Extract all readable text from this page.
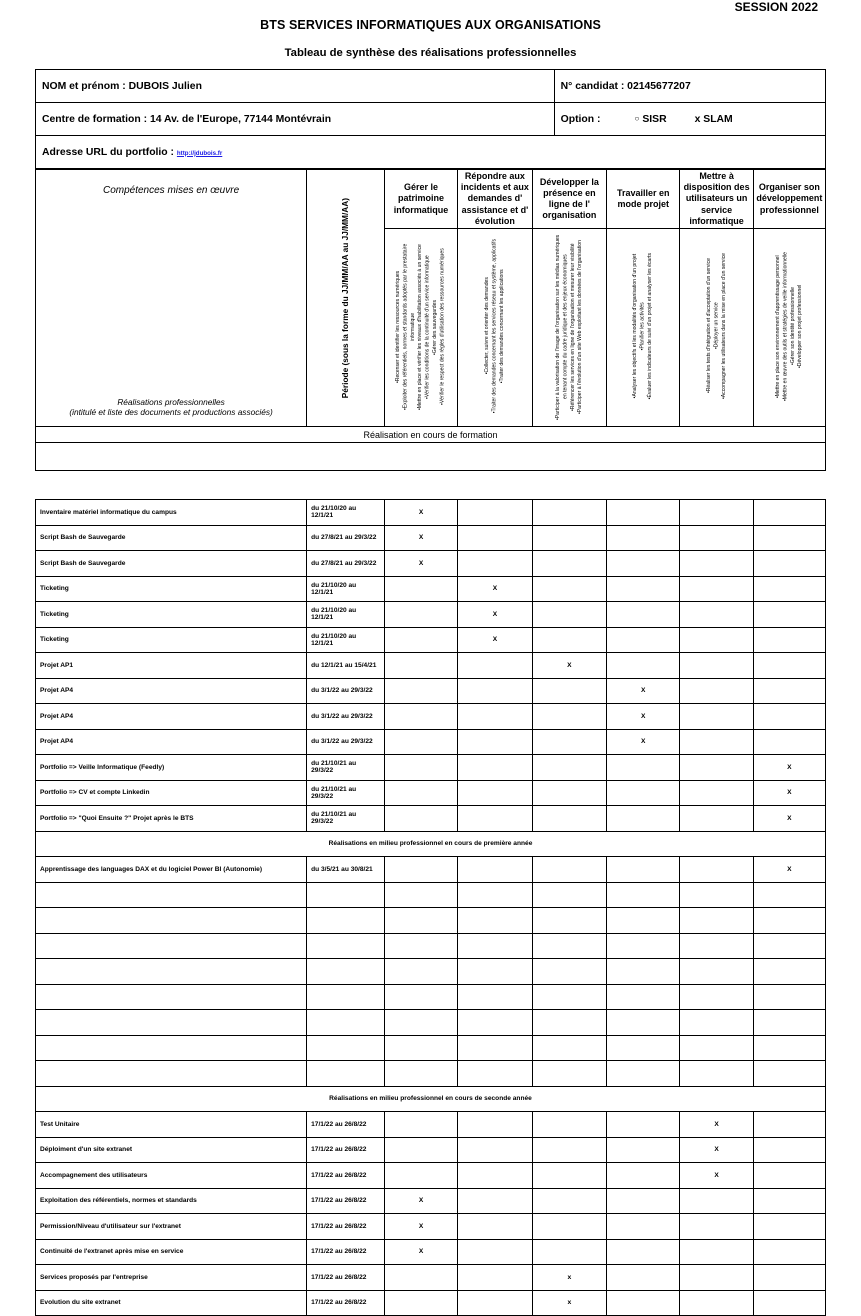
BTS SERVICES INFORMATIQUES AUX ORGANISATIONS
SESSION 2022
Tableau de synthèse des réalisations professionnelles
NOM et prénom : DUBOIS Julien	N° candidat : 02145677207
Centre de formation : 14 Av. de l'Europe, 77144 Montévrain	Option : ○ SISR x SLAM

Adresse URL du portfolio : http://jdubois.fr	
Compétences mises en œuvre
Réalisations professionnelles
(intitulé et liste des documents et productions associés)	Période (sous la forme du JJ/MM/AA au JJ/MM/AA)	Gérer le patrimoine informatique	Répondre aux incidents et aux demandes d' assistance et d' évolution	Développer la présence en ligne de l' organisation	Travailler en mode projet	Mettre à disposition des utilisateurs un service informatique	Organiser son développement professionnel

•Recenser et identifier les ressources numériques •Exploiter des référentiels, normes et standards adoptés par le prestataire informatique •Mettre en place et vérifier les niveaux d'habilitation associés à un service •Vérifier les conditions de la continuité d'un service informatique •Gérer des sauvegardes •Vérifier le respect des règles d'utilisation des ressources numériques	•Collecter, suivre et orienter des demandes •Traiter des demandes concernant les services réseau et système, applicatifs •Traiter des demandes concernant les applications	•Participer à la valorisation de l'image de l'organisation sur les médias numériques en tenant compte du cadre juridique et des enjeux économiques •Référencer les services en ligne de l'organisation et mesurer leur visibilité •Participer à l'évolution d'un site Web exploitant les données de l'organisation	•Analyser les objectifs et les modalités d'organisation d'un projet •Planifier les activités •Évaluer les indicateurs de suivi d'un projet et analyser les écarts	•Réaliser les tests d'intégration et d'acceptation d'un service •Déployer un service •Accompagner les utilisateurs dans la mise en place d'un service	•Mettre en place son environnement d'apprentissage personnel •Mettre en œuvre des outils et stratégies de veille informationnelle •Gérer son identité professionnelle •Développer son projet professionnel

Réalisation en cours de formation							

Inventaire matériel informatique du campus	du 21/10/20 au 12/1/21	X					
Script Bash de Sauvegarde	du 27/8/21 au 29/3/22	X					
Script Bash de Sauvegarde	du 27/8/21 au 29/3/22	X					
Ticketing	du 21/10/20 au 12/1/21		X				
Ticketing	du 21/10/20 au 12/1/21		X				
Ticketing	du 21/10/20 au 12/1/21		X				
Projet AP1	du 12/1/21 au 15/4/21			X			
Projet AP4	du 3/1/22 au 29/3/22				X		
Projet AP4	du 3/1/22 au 29/3/22				X		
Projet AP4	du 3/1/22 au 29/3/22				X		
Portfolio => Veille Informatique (Feedly)	du 21/10/21 au 29/3/22						X
Portfolio => CV et compte Linkedin	du 21/10/21 au 29/3/22						X
Portfolio => "Quoi Ensuite ?" Projet après le BTS	du 21/10/21 au 29/3/22						X
Réalisations en milieu professionnel en cours de première année							
Apprentissage des languages DAX et du logiciel Power BI (Autonomie)	du 3/5/21 au 30/8/21						X

Réalisations en milieu professionnel en cours de seconde année							
Test Unitaire	17/1/22 au 26/8/22					X	
Déploiment d'un site extranet	17/1/22 au 26/8/22					X	
Accompagnement des utilisateurs	17/1/22 au 26/8/22					X	
Exploitation des référentiels, normes et standards	17/1/22 au 26/8/22	X					
Permission/Niveau d'utilisateur sur l'extranet	17/1/22 au 26/8/22	X					
Continuité de l'extranet après mise en service	17/1/22 au 26/8/22	X					
Services proposés par l'entreprise	17/1/22 au 26/8/22			x			
Evolution du site extranet	17/1/22 au 26/8/22			x			
